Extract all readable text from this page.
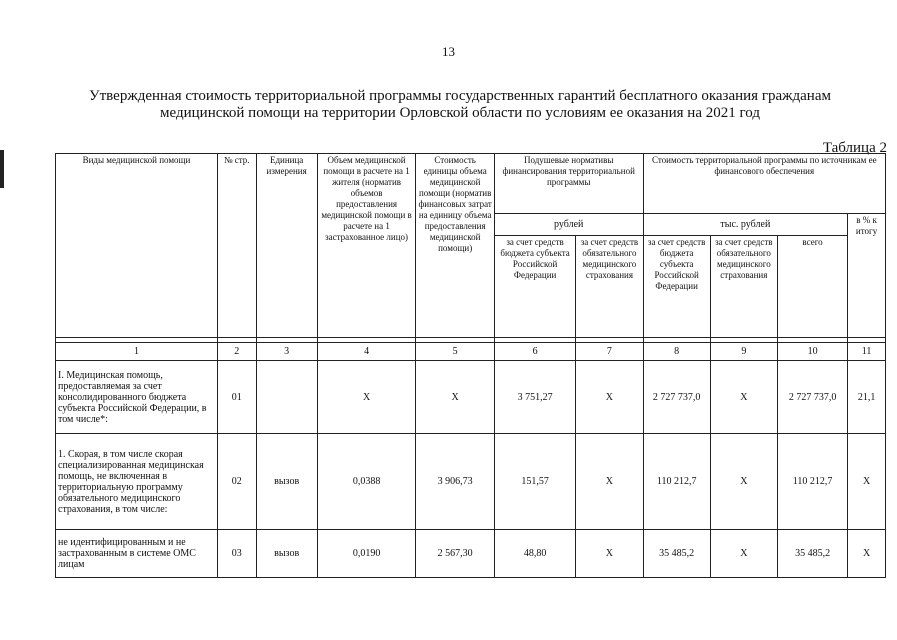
13
Утвержденная стоимость территориальной программы государственных гарантий бесплатного оказания гражданам медицинской помощи на территории Орловской области по условиям ее оказания на 2021 год
Таблица 2
Виды медицинской помощи	№ стр.	Единица измерения	Объем медицинской помощи в расчете на 1 жителя (норматив объемов предоставления медицинской помощи в расчете на 1 застрахованное лицо)	Стоимость единицы объема медицинской помощи (норматив финансовых затрат на единицу объема предоставления медицинской помощи)	Подушевые нормативы финансирования территориальной программы		Стоимость территориальной программы по источникам ее финансового обеспечения			
					рублей		тыс. рублей			в % к итогу
					за счет средств бюджета субъекта Российской Федерации	за счет средств обязательного медицинского страхования	за счет средств бюджета субъекта Российской Федерации	за счет средств обязательного медицинского страхования	всего	

1	2	3	4	5	6	7	8	9	10	11
I. Медицинская помощь, предоставляемая за счет консолидированного бюджета субъекта Российской Федерации, в том числе*:	01		X	X	3 751,27	X	2 727 737,0	X	2 727 737,0	21,1
1. Скорая, в том числе скорая специализированная медицинская помощь, не включенная в территориальную программу обязательного медицинского страхования, в том числе:	02	вызов	0,0388	3 906,73	151,57	X	110 212,7	X	110 212,7	X
не идентифицированным и не застрахованным в системе ОМС лицам	03	вызов	0,0190	2 567,30	48,80	X	35 485,2	X	35 485,2	X
